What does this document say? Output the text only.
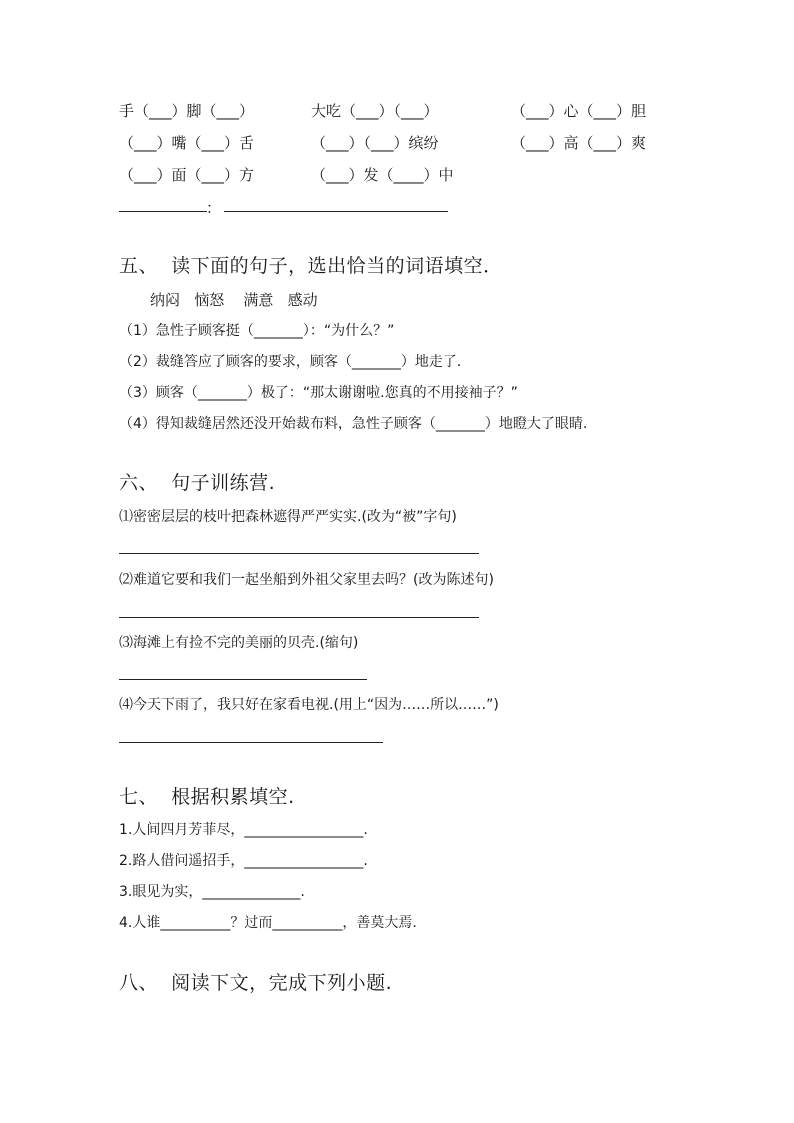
手（___）脚（___）	大吃（___）（___）	（___）心（___）胆
（___）嘴（___）舌	（___）（___）缤纷	（___）高（___）爽
（___）面（___）方	（___）发（____）中
：
五、  读下面的句子，选出恰当的词语填空．
纳闷   恼怒    满意   感动
（1）急性子顾客挺（_______）：“为什么？”
（2）裁缝答应了顾客的要求，顾客（_______）地走了．
（3）顾客（_______）极了：“那太谢谢啦.您真的不用接袖子？”
（4）得知裁缝居然还没开始裁布料，急性子顾客（_______）地瞪大了眼睛.
六、  句子训练营.
⑴密密层层的枝叶把森林遮得严严实实.(改为“被”字句)
⑵难道它要和我们一起坐船到外祖父家里去吗？(改为陈述句)
⑶海滩上有捡不完的美丽的贝壳.(缩句)
⑷今天下雨了，我只好在家看电视.(用上“因为……所以……”)
七、  根据积累填空.
1.人间四月芳菲尽，_________________.
2.路人借问遥招手，_________________.
3.眼见为实，______________.
4.人谁__________？过而__________，善莫大焉.
八、  阅读下文，完成下列小题.
